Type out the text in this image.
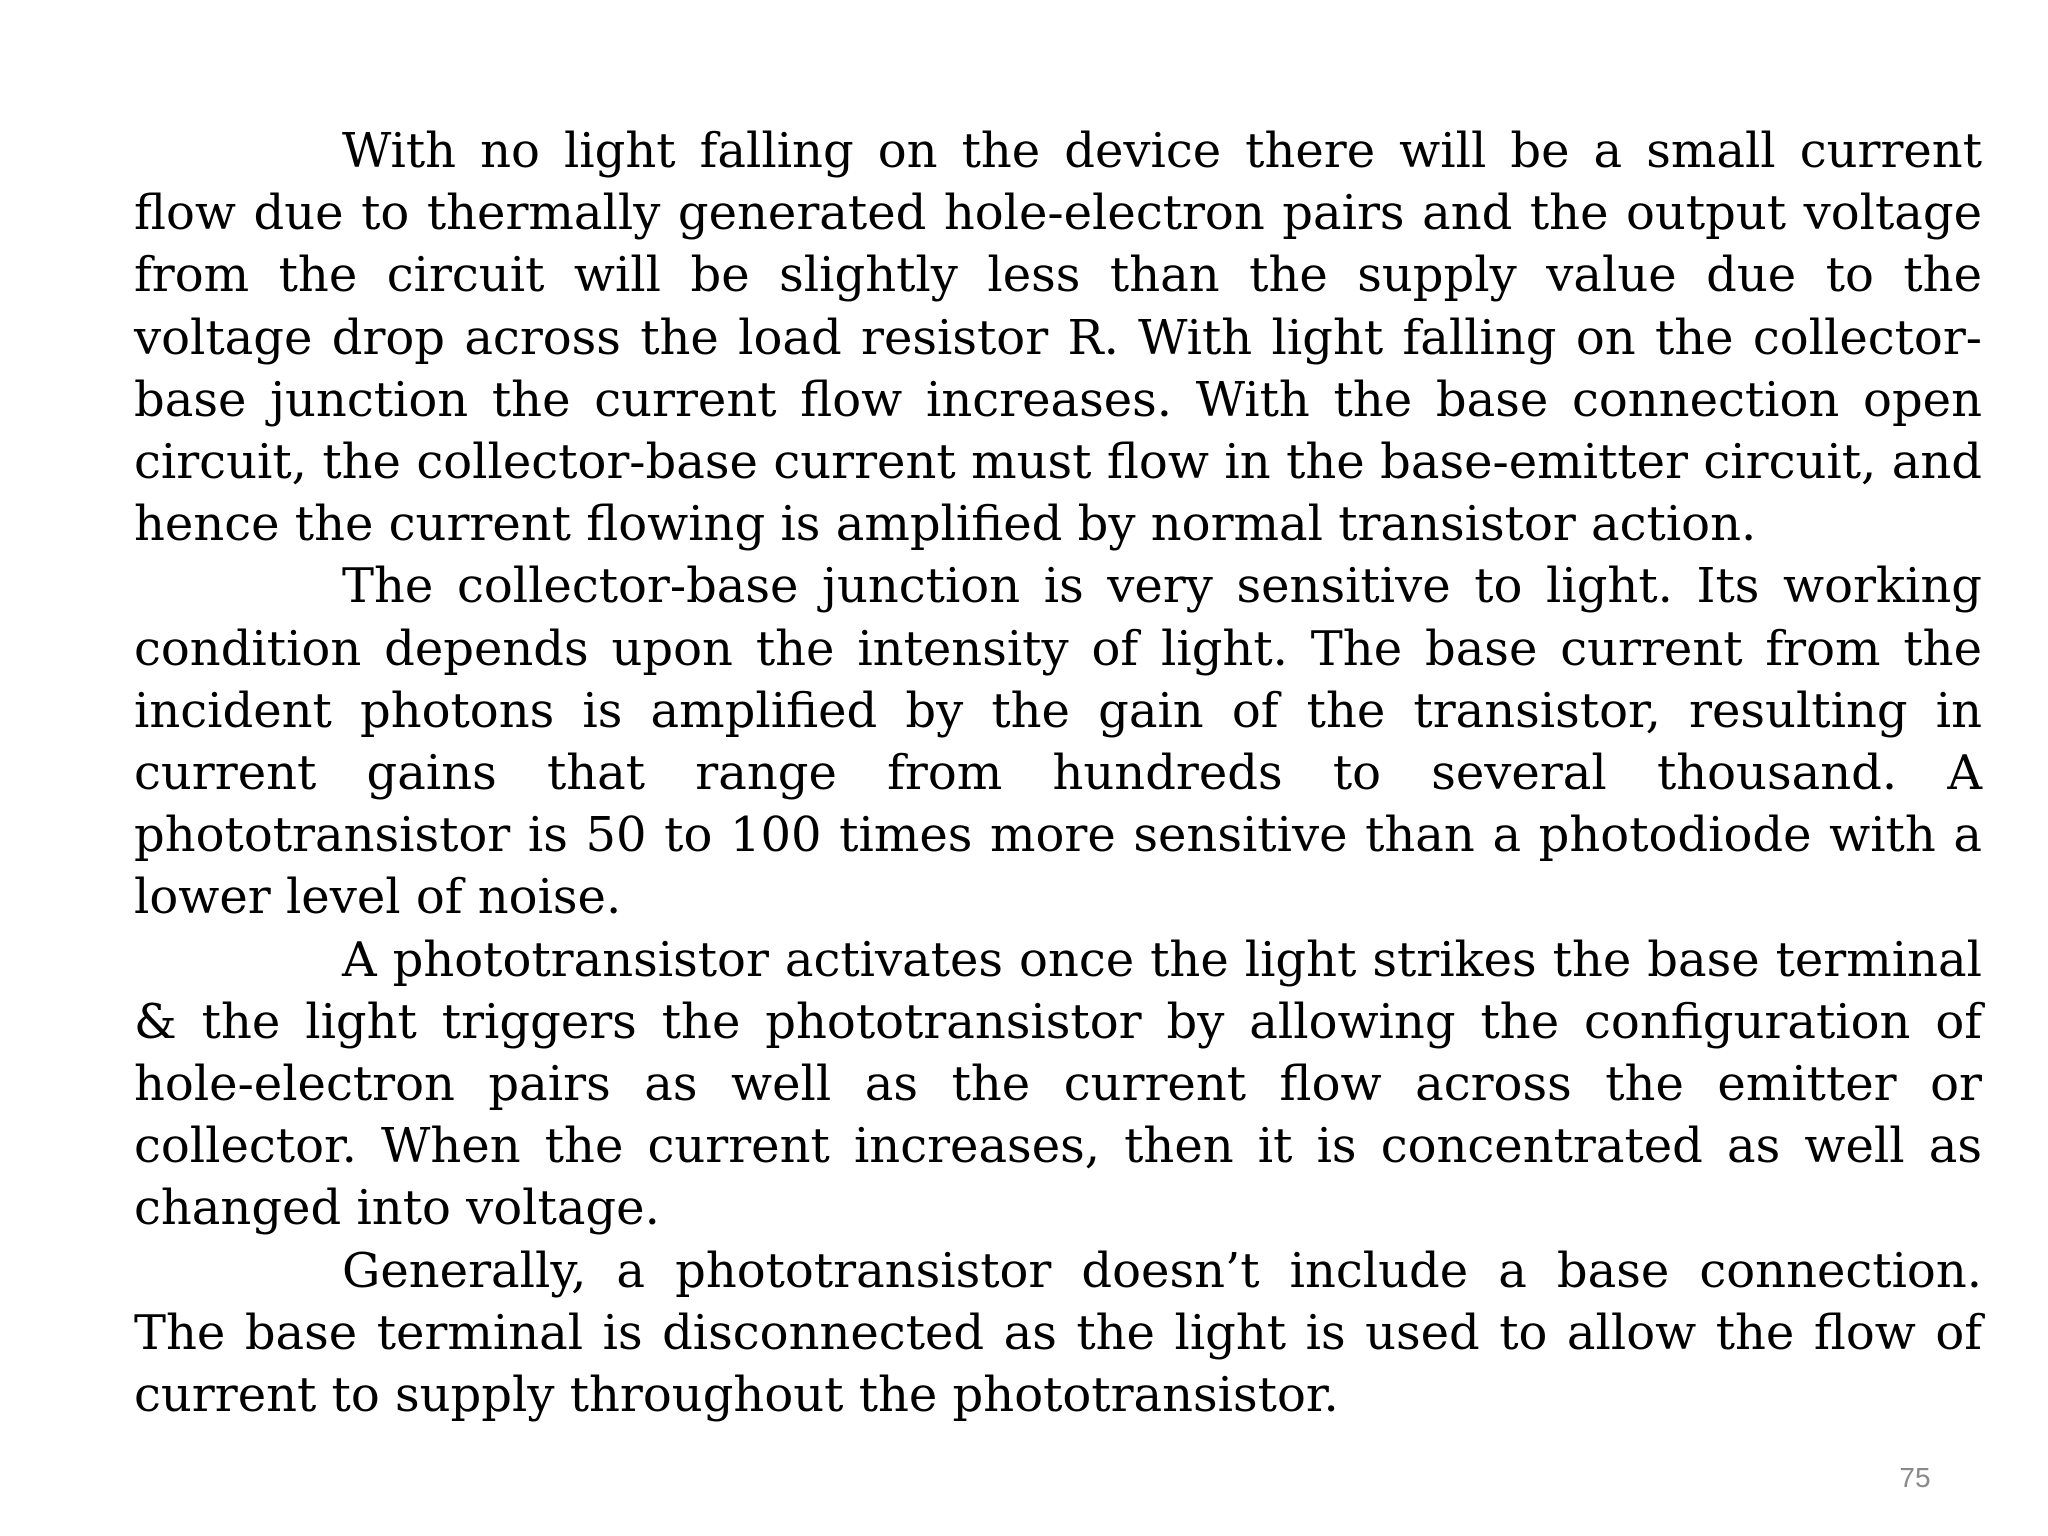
With no light falling on the device there will be a small current flow due to thermally generated hole-electron pairs and the output voltage from the circuit will be slightly less than the supply value due to the voltage drop across the load resistor R. With light falling on the collector-base junction the current flow increases. With the base connection open circuit, the collector-base current must flow in the base-emitter circuit, and hence the current flowing is amplified by normal transistor action.

The collector-base junction is very sensitive to light. Its working condition depends upon the intensity of light. The base current from the incident photons is amplified by the gain of the transistor, resulting in current gains that range from hundreds to several thousand. A phototransistor is 50 to 100 times more sensitive than a photodiode with a lower level of noise.

A phototransistor activates once the light strikes the base terminal & the light triggers the phototransistor by allowing the configuration of hole-electron pairs as well as the current flow across the emitter or collector. When the current increases, then it is concentrated as well as changed into voltage.

Generally, a phototransistor doesn’t include a base connection. The base terminal is disconnected as the light is used to allow the flow of current to supply throughout the phototransistor.

75
